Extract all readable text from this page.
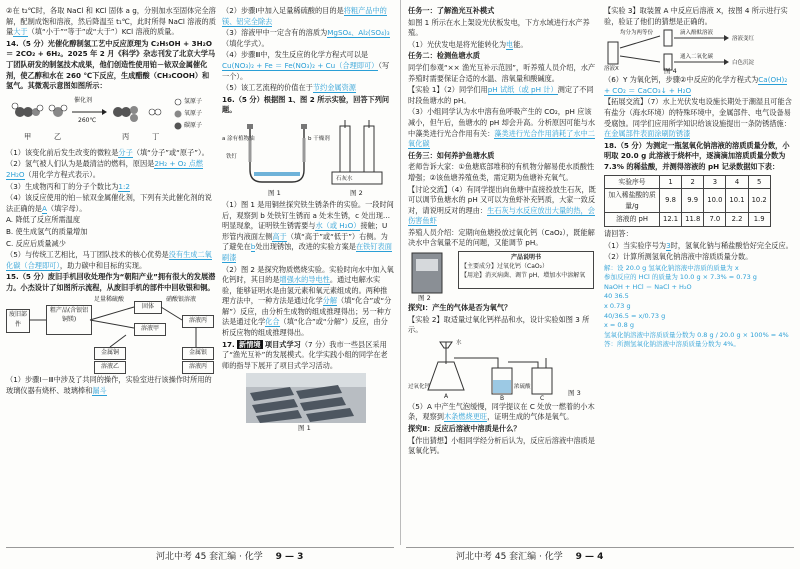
②在 t₂℃时，各取 NaCl 和 KCl 固体 a g，分别加水至固体完全溶解，配制成饱和溶液，然后降温至 t₁℃，此时所得 NaCl 溶液的质量大于（填“小于”“等于”或“大于”）KCl 溶液的质量。

14.（5 分）光催化醇制氢工艺中反应原理为 C₂H₅OH + 3H₂O ＝ 2CO₂ + 6H₂。2025 年 2 月《科学》杂志刊发了北京大学马丁团队研发的制氢技术成果，他们创造性使用铂－铱双金属催化剂，使乙醇和水在 260 ℃下反应，生成醋酸（CH₃COOH）和氢气。其微观示意图如图所示：

催化剂
260℃
甲	乙	丙	丁
氢原子
氧原子
碳原子

（1）该变化前后发生改变的微粒是分子（填“分子”或“原子”）。

（2）氢气被人们认为是最清洁的燃料，原因是2H₂ + O₂ 点燃 2H₂O（用化学方程式表示）。

（3）生成物丙和丁的分子个数比为1:2

（4）该反应使用的铂－铱双金属催化剂，下列有关此催化剂的说法正确的是A（填字母）。

A. 降低了反应所需温度

B. 使生成氢气的质量增加

C. 反应后质量减少

（5）与传统工艺相比，马丁团队技术的核心优势是没有生成二氧化碳（合理即可），助力碳中和目标的实现。

15.（5 分）废旧手机回收处理作为“朝阳产业”拥有很大的发展潜力。小杰设计了如图所示流程，从废旧手机的部件中回收银和铜。

废旧部件
粗产品(含银铝铜镁)
足量稀硫酸
固体
溶液甲
硝酸银溶液
溶液丙
金属铜
溶液乙
金属银
溶液丙

（1）步骤Ⅰ－Ⅲ中涉及了共同的操作，实验室进行该操作时所用的玻璃仪器有烧杯、玻璃棒和漏斗

（2）步骤Ⅰ中加入足量稀硫酸的目的是将粗产品中的镁、铝完全除去

（3）溶液甲中一定含有的溶质为MgSO₄、Al₂(SO₄)₃（填化学式）。

（4）步骤Ⅲ中，发生反应的化学方程式可以是Cu(NO₃)₂ + Fe ＝ Fe(NO₃)₂ + Cu（合理即可）（写一个）。

（5）该工艺流程的价值在于节约金属资源

16.（5 分）根据图 1、图 2 所示实验，回答下列问题。

a 涂有植物油	b 干燥剂
铁钉
石灰水
图 1	图 2

（1）图 1 是用铜丝探究铁生锈条件的实验。一段时间后，观察到 b 处铁钉生锈而 a 处未生锈，c 处出现… 明显现象，证明铁生锈需要与水（或 H₂O）接触；U 形管内液面左侧高于（填“高于”或“低于”）右侧。为了避免在b处出现锈蚀，改进的实验方案是在铁钉表面刷漆

（2）图 2 是探究物质燃烧实验。实验时向水中加入氧化钙时，其目的是增强水的导电性。通过电解水实验，能够证明水是由氢元素和氧元素组成的。两种推理方法中，一种方法是通过化学分解（填“化合”或“分解”）反应，由分析生成物的组成推理得出；另一种方法是通过化学化合（填“化合”或“分解”）反应，由分析反应物的组成推理得出。

17. 新情境 项目式学习（7 分）我市一些县区采用了“渔光互补”的发展模式。化学实践小组的同学在老师的指导下展开了项目式学习活动。

图 1

任务一：了解渔光互补模式

如图 1 所示在水上架设光伏板发电，下方水域进行水产养殖。

（1）光伏发电是将光能转化为电能。

任务二：检测鱼塘水质

同学们参观“×× 渔光互补示范园”，听养殖人员介绍，水产养殖时需要保证合适的水温、溶氧量和酸碱度。

【实验 1】（2）同学们用pH 试纸（或 pH 计）测定了不同时段鱼塘水的 pH。

（3）小组同学认为水中溶有鱼呼吸产生的 CO₂，pH 应该减小，但午后，鱼塘水的 pH 却会升高。分析原因可能与水中藻类进行光合作用有关：藻类进行光合作用消耗了水中二氧化碳

任务三：如何养护鱼塘水质

老师告诉大家：①鱼塘底部堆积的有机物分解易使水质酸性增强；②该鱼塘养殖鱼类，需定期为鱼塘补充氧气。

【讨论交流】（4）有同学提出向鱼塘中直接投放生石灰，既可以调节鱼塘水的 pH 又可以为鱼虾补充钙质，大家一致反对，请说明反对的理由：生石灰与水反应放出大量的热，会伤害鱼虾

养殖人员介绍：定期向鱼塘投放过氧化钙（CaO₂），既能解决水中含氧量不足的问题，又能调节 pH。

产品说明书
【主要成分】过氧化钙（CaO₂）
【用途】消灭病菌、调节 pH、增加水中溶解氧
图 2

探究Ⅰ：产生的气体是否为氧气？

【实验 2】取适量过氧化钙样品和水，设计实验如图 3 所示。

水
过氧化钙	浓硫酸
A	B	C
图 3

（5）A 中产生气泡缓慢，同学提议在 C 处放一燃着的小木条，观察到木条燃烧更旺，证明生成的气体是氧气。

探究Ⅱ：反应后溶液中溶质是什么？

【作出猜想】小组同学经分析后认为，反应后溶液中溶质是氢氧化钙。

【实验 3】取装置 A 中反应后溶液 X，按图 4 所示进行实验，验证了他们的猜想是正确的。

均分为两等份	滴入酚酞溶液
溶液变红
溶液X
通入二氧化碳
白色沉淀
图 4

（6）Y 为氧化钙，步骤②中反应的化学方程式为Ca(OH)₂ + CO₂ ＝ CaCO₃↓ + H₂O

【拓展交流】（7）水上光伏发电设施长期处于潮湿且可能含有盐分（海水环境）的特殊环境中，金属部件、电气设备易受腐蚀。同学们应用所学知识给该设施提出一条防锈措施：在金属部件表面涂刷防锈漆

18.（5 分）为测定一瓶氢氧化钠溶液的溶质质量分数，小明取 20.0 g 此溶液于烧杯中，逐滴滴加溶质质量分数为 7.3% 的稀盐酸，并测得溶液的 pH 记录数据如下表：

实验序号	1	2	3	4	5
加入稀盐酸的质量/g	9.8	9.9	10.0	10.1	10.2
溶液的 pH	12.1	11.8	7.0	2.2	1.9

请回答：

（1）当实验序号为3时，氢氧化钠与稀盐酸恰好完全反应。

（2）计算所测氢氧化钠溶液中溶质质量分数。

解：设 20.0 g 氢氧化钠溶液中溶质的质量为 x
参加反应的 HCl 的质量为 10.0 g × 7.3% = 0.73 g
NaOH + HCl ＝ NaCl + H₂O
40 36.5
x 0.73 g
40/36.5 = x/0.73 g
x = 0.8 g
氢氧化钠溶液中溶质质量分数为 0.8 g / 20.0 g × 100% = 4%
答：所测氢氧化钠溶液中溶质质量分数为 4%。
河北中考 45 套汇编 · 化学 9 — 3	河北中考 45 套汇编 · 化学 9 — 4
